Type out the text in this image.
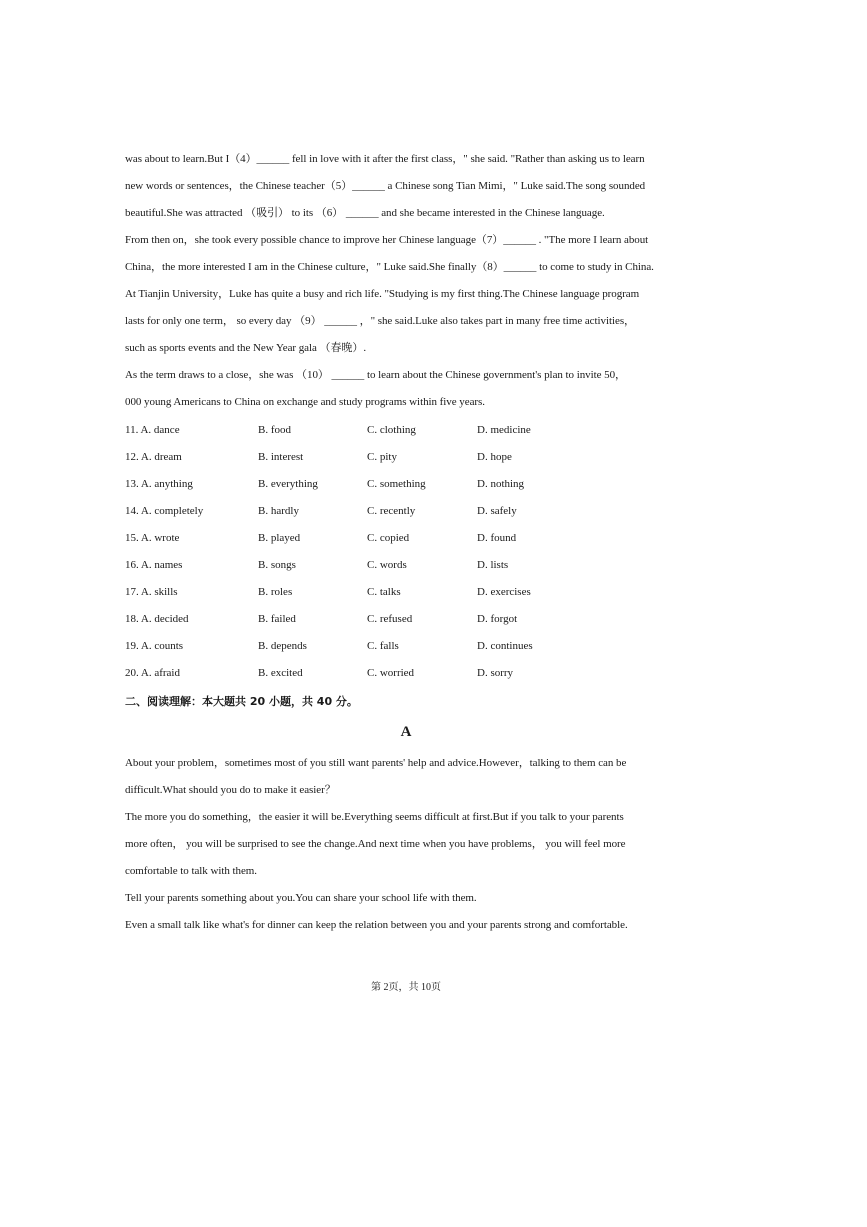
was about to learn.But I（4）______ fell in love with it after the first class，" she said. "Rather than asking us to learn
new words or sentences，the Chinese teacher（5）______ a Chinese song Tian Mimi，" Luke said.The song sounded
beautiful.She was attracted （吸引） to its （6） ______ and she became interested in the Chinese language.
From then on，she took every possible chance to improve her Chinese language（7）______ . "The more I learn about
China，the more interested I am in the Chinese culture，" Luke said.She finally（8）______ to come to study in China.
At Tianjin University，Luke has quite a busy and rich life. "Studying is my first thing.The Chinese language program
lasts for only one term， so every day （9） ______ ，" she said.Luke also takes part in many free time activities，
such as sports events and the New Year gala （春晚）.
As the term draws to a close，she was （10） ______ to learn about the Chinese government's plan to invite 50，
000 young Americans to China on exchange and study programs within five years.
11. A. dance	B. food	C. clothing	D. medicine
12. A. dream	B. interest	C. pity	D. hope
13. A. anything	B. everything	C. something	D. nothing
14. A. completely	B. hardly	C. recently	D. safely
15. A. wrote	B. played	C. copied	D. found
16. A. names	B. songs	C. words	D. lists
17. A. skills	B. roles	C. talks	D. exercises
18. A. decided	B. failed	C. refused	D. forgot
19. A. counts	B. depends	C. falls	D. continues
20. A. afraid	B. excited	C. worried	D. sorry
二、阅读理解：本大题共 20 小题，共 40 分。
A
About your problem，sometimes most of you still want parents' help and advice.However，talking to them can be
difficult.What should you do to make it easier？
The more you do something，the easier it will be.Everything seems difficult at first.But if you talk to your parents
more often， you will be surprised to see the change.And next time when you have problems， you will feel more
comfortable to talk with them.
Tell your parents something about you.You can share your school life with them.
Even a small talk like what's for dinner can keep the relation between you and your parents strong and comfortable.
第 2页，共 10页
